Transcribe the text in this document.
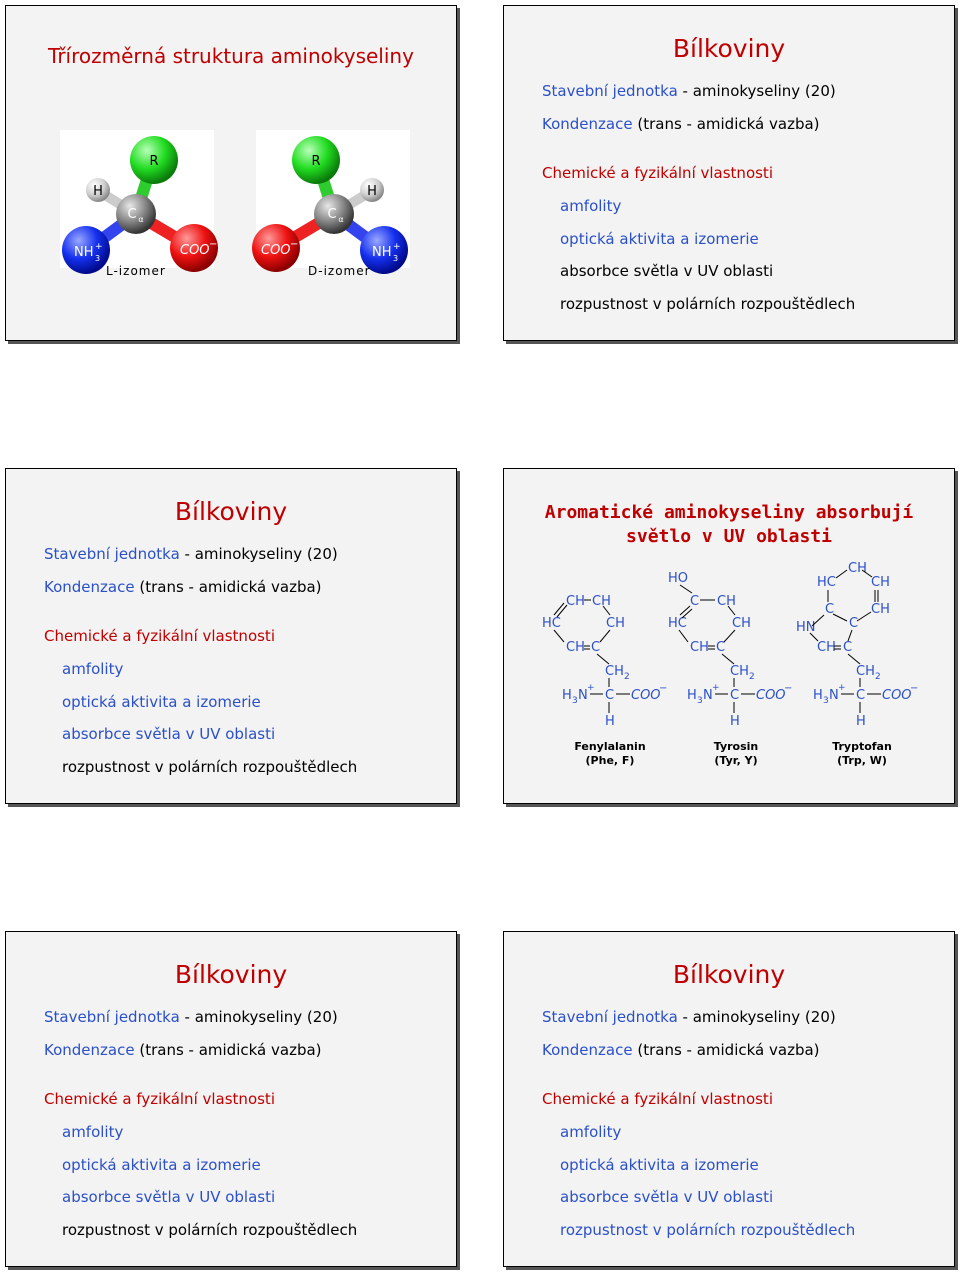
Třírozměrná struktura aminokyseliny
R
H
C α
NH 3
+	COO −
L-izomer
R
H
C α
COO −
NH 3
+
D-izomer
Bílkoviny
Stavební jednotka - aminokyseliny (20)
Kondenzace (trans - amidická vazba)
Chemické a fyzikální vlastnosti
amfolity
optická aktivita a izomerie
absorbce světla v UV oblasti
rozpustnost v polárních rozpouštědlech
Bílkoviny
Stavební jednotka - aminokyseliny (20)
Kondenzace (trans - amidická vazba)
Chemické a fyzikální vlastnosti
amfolity
optická aktivita a izomerie
absorbce světla v UV oblasti
rozpustnost v polárních rozpouštědlech
Bílkoviny
Stavební jednotka - aminokyseliny (20)
Kondenzace (trans - amidická vazba)
Chemické a fyzikální vlastnosti
amfolity
optická aktivita a izomerie
absorbce světla v UV oblasti
rozpustnost v polárních rozpouštědlech
Bílkoviny
Stavební jednotka - aminokyseliny (20)
Kondenzace (trans - amidická vazba)
Chemické a fyzikální vlastnosti
amfolity
optická aktivita a izomerie
absorbce světla v UV oblasti
rozpustnost v polárních rozpouštědlech
Aromatické aminokyseliny absorbují
světlo v UV oblasti
CH CH
HC	CH
CH C
CH 2
H 3 N + C COO
−
H
HO
C CH
HC	CH
CH C
CH 2
H 3 N + C COO
−
H
CH
HC	CH
C	CH
HN	C
CH C
CH 2
H 3 N + C COO
−
H
Fenylalanin
(Phe, F)
Tyrosin
(Tyr, Y)
Tryptofan
(Trp, W)
